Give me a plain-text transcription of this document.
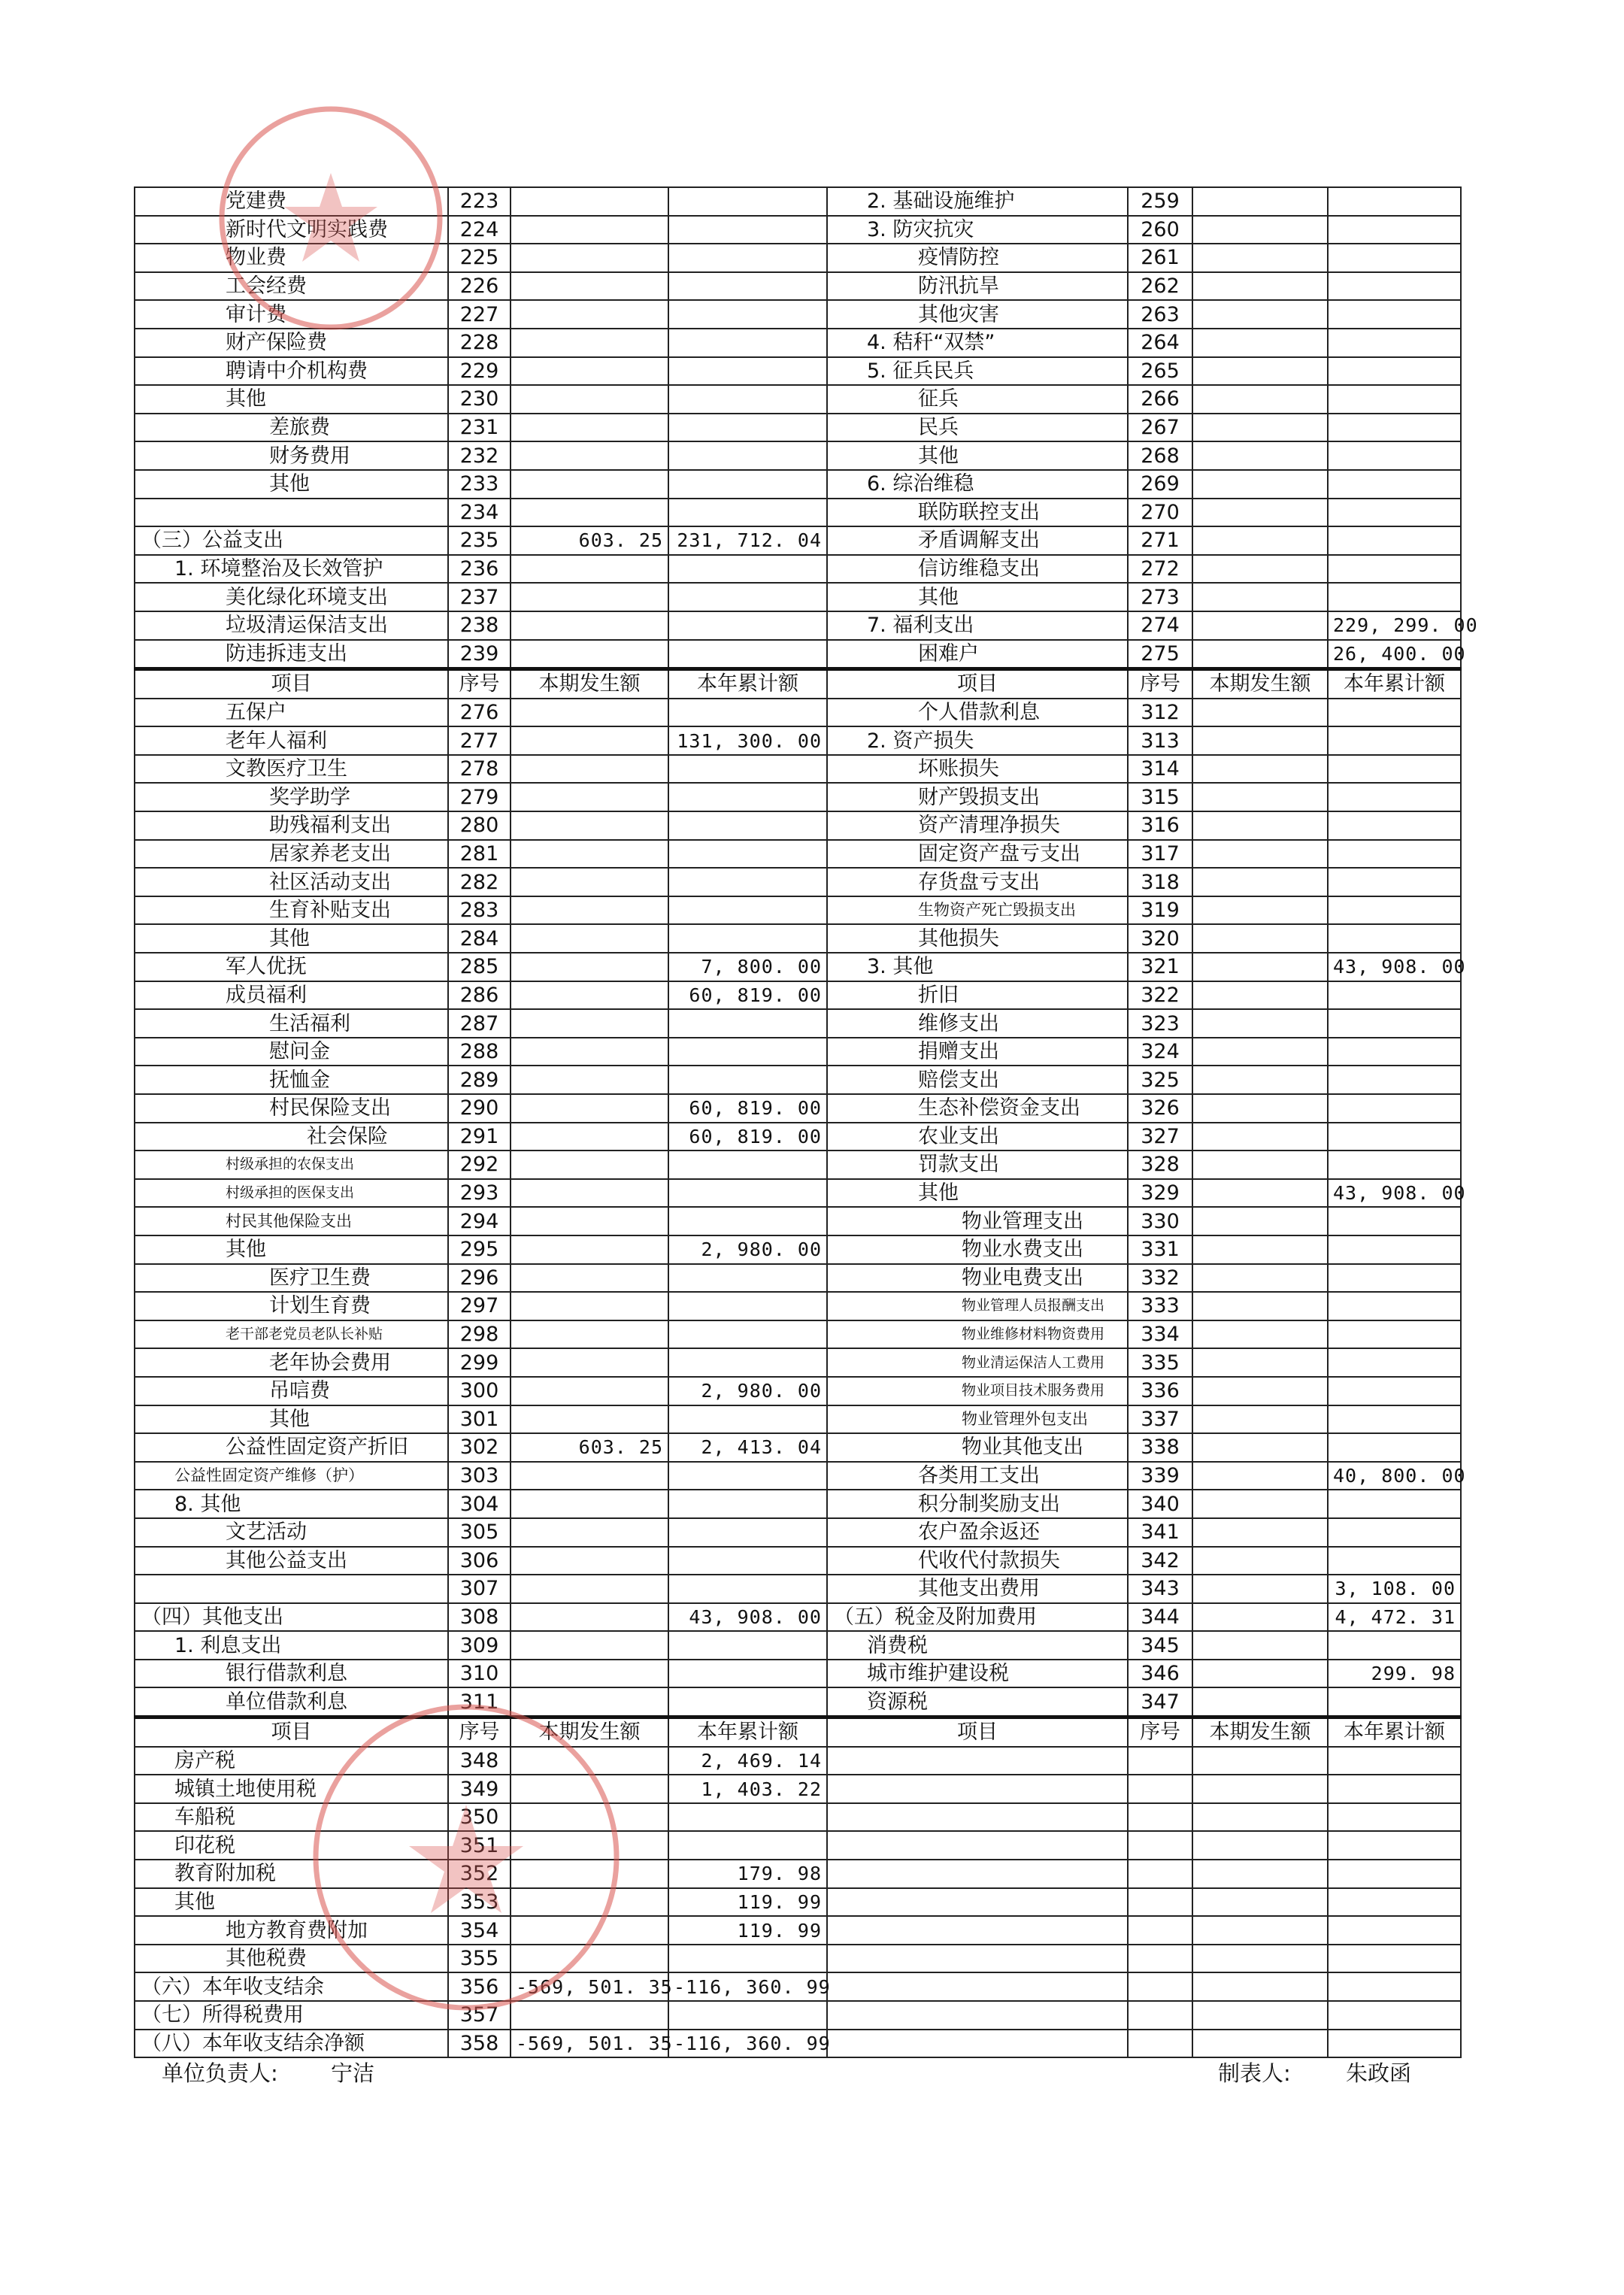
党建费	223			2. 基础设施维护	259		
新时代文明实践费	224			3. 防灾抗灾	260		
物业费	225			疫情防控	261		
工会经费	226			防汛抗旱	262		
审计费	227			其他灾害	263		
财产保险费	228			4. 秸秆“双禁”	264		
聘请中介机构费	229			5. 征兵民兵	265		
其他	230			征兵	266		
差旅费	231			民兵	267		
财务费用	232			其他	268		
其他	233			6. 综治维稳	269		
	234			联防联控支出	270		
（三）公益支出	235	603. 25	231, 712. 04	矛盾调解支出	271		
1. 环境整治及长效管护	236			信访维稳支出	272		
美化绿化环境支出	237			其他	273		
垃圾清运保洁支出	238			7. 福利支出	274		229, 299. 00
防违拆违支出	239			困难户	275		26, 400. 00
项目	序号	本期发生额	本年累计额	项目	序号	本期发生额	本年累计额
五保户	276			个人借款利息	312		
老年人福利	277		131, 300. 00	2. 资产损失	313		
文教医疗卫生	278			坏账损失	314		
奖学助学	279			财产毁损支出	315		
助残福利支出	280			资产清理净损失	316		
居家养老支出	281			固定资产盘亏支出	317		
社区活动支出	282			存货盘亏支出	318		
生育补贴支出	283			生物资产死亡毁损支出	319		
其他	284			其他损失	320		
军人优抚	285		7, 800. 00	3. 其他	321		43, 908. 00
成员福利	286		60, 819. 00	折旧	322		
生活福利	287			维修支出	323		
慰问金	288			捐赠支出	324		
抚恤金	289			赔偿支出	325		
村民保险支出	290		60, 819. 00	生态补偿资金支出	326		
社会保险	291		60, 819. 00	农业支出	327		
村级承担的农保支出	292			罚款支出	328		
村级承担的医保支出	293			其他	329		43, 908. 00
村民其他保险支出	294			物业管理支出	330		
其他	295		2, 980. 00	物业水费支出	331		
医疗卫生费	296			物业电费支出	332		
计划生育费	297			物业管理人员报酬支出	333		
老干部老党员老队长补贴	298			物业维修材料物资费用	334		
老年协会费用	299			物业清运保洁人工费用	335		
吊唁费	300		2, 980. 00	物业项目技术服务费用	336		
其他	301			物业管理外包支出	337		
公益性固定资产折旧	302	603. 25	2, 413. 04	物业其他支出	338		
公益性固定资产维修（护）	303			各类用工支出	339		40, 800. 00
8. 其他	304			积分制奖励支出	340		
文艺活动	305			农户盈余返还	341		
其他公益支出	306			代收代付款损失	342		
	307			其他支出费用	343		3, 108. 00
（四）其他支出	308		43, 908. 00	（五）税金及附加费用	344		4, 472. 31
1. 利息支出	309			消费税	345		
银行借款利息	310			城市维护建设税	346		299. 98
单位借款利息	311			资源税	347		
项目	序号	本期发生额	本年累计额	项目	序号	本期发生额	本年累计额
房产税	348		2, 469. 14				
城镇土地使用税	349		1, 403. 22				
车船税	350						
印花税	351						
教育附加税	352		179. 98				
其他	353		119. 99				
地方教育费附加	354		119. 99				
其他税费	355						
（六）本年收支结余	356	-569, 501. 35	-116, 360. 99				
（七）所得税费用	357						
（八）本年收支结余净额	358	-569, 501. 35	-116, 360. 99				
单位负责人: 宁洁	制表人:	朱政函
